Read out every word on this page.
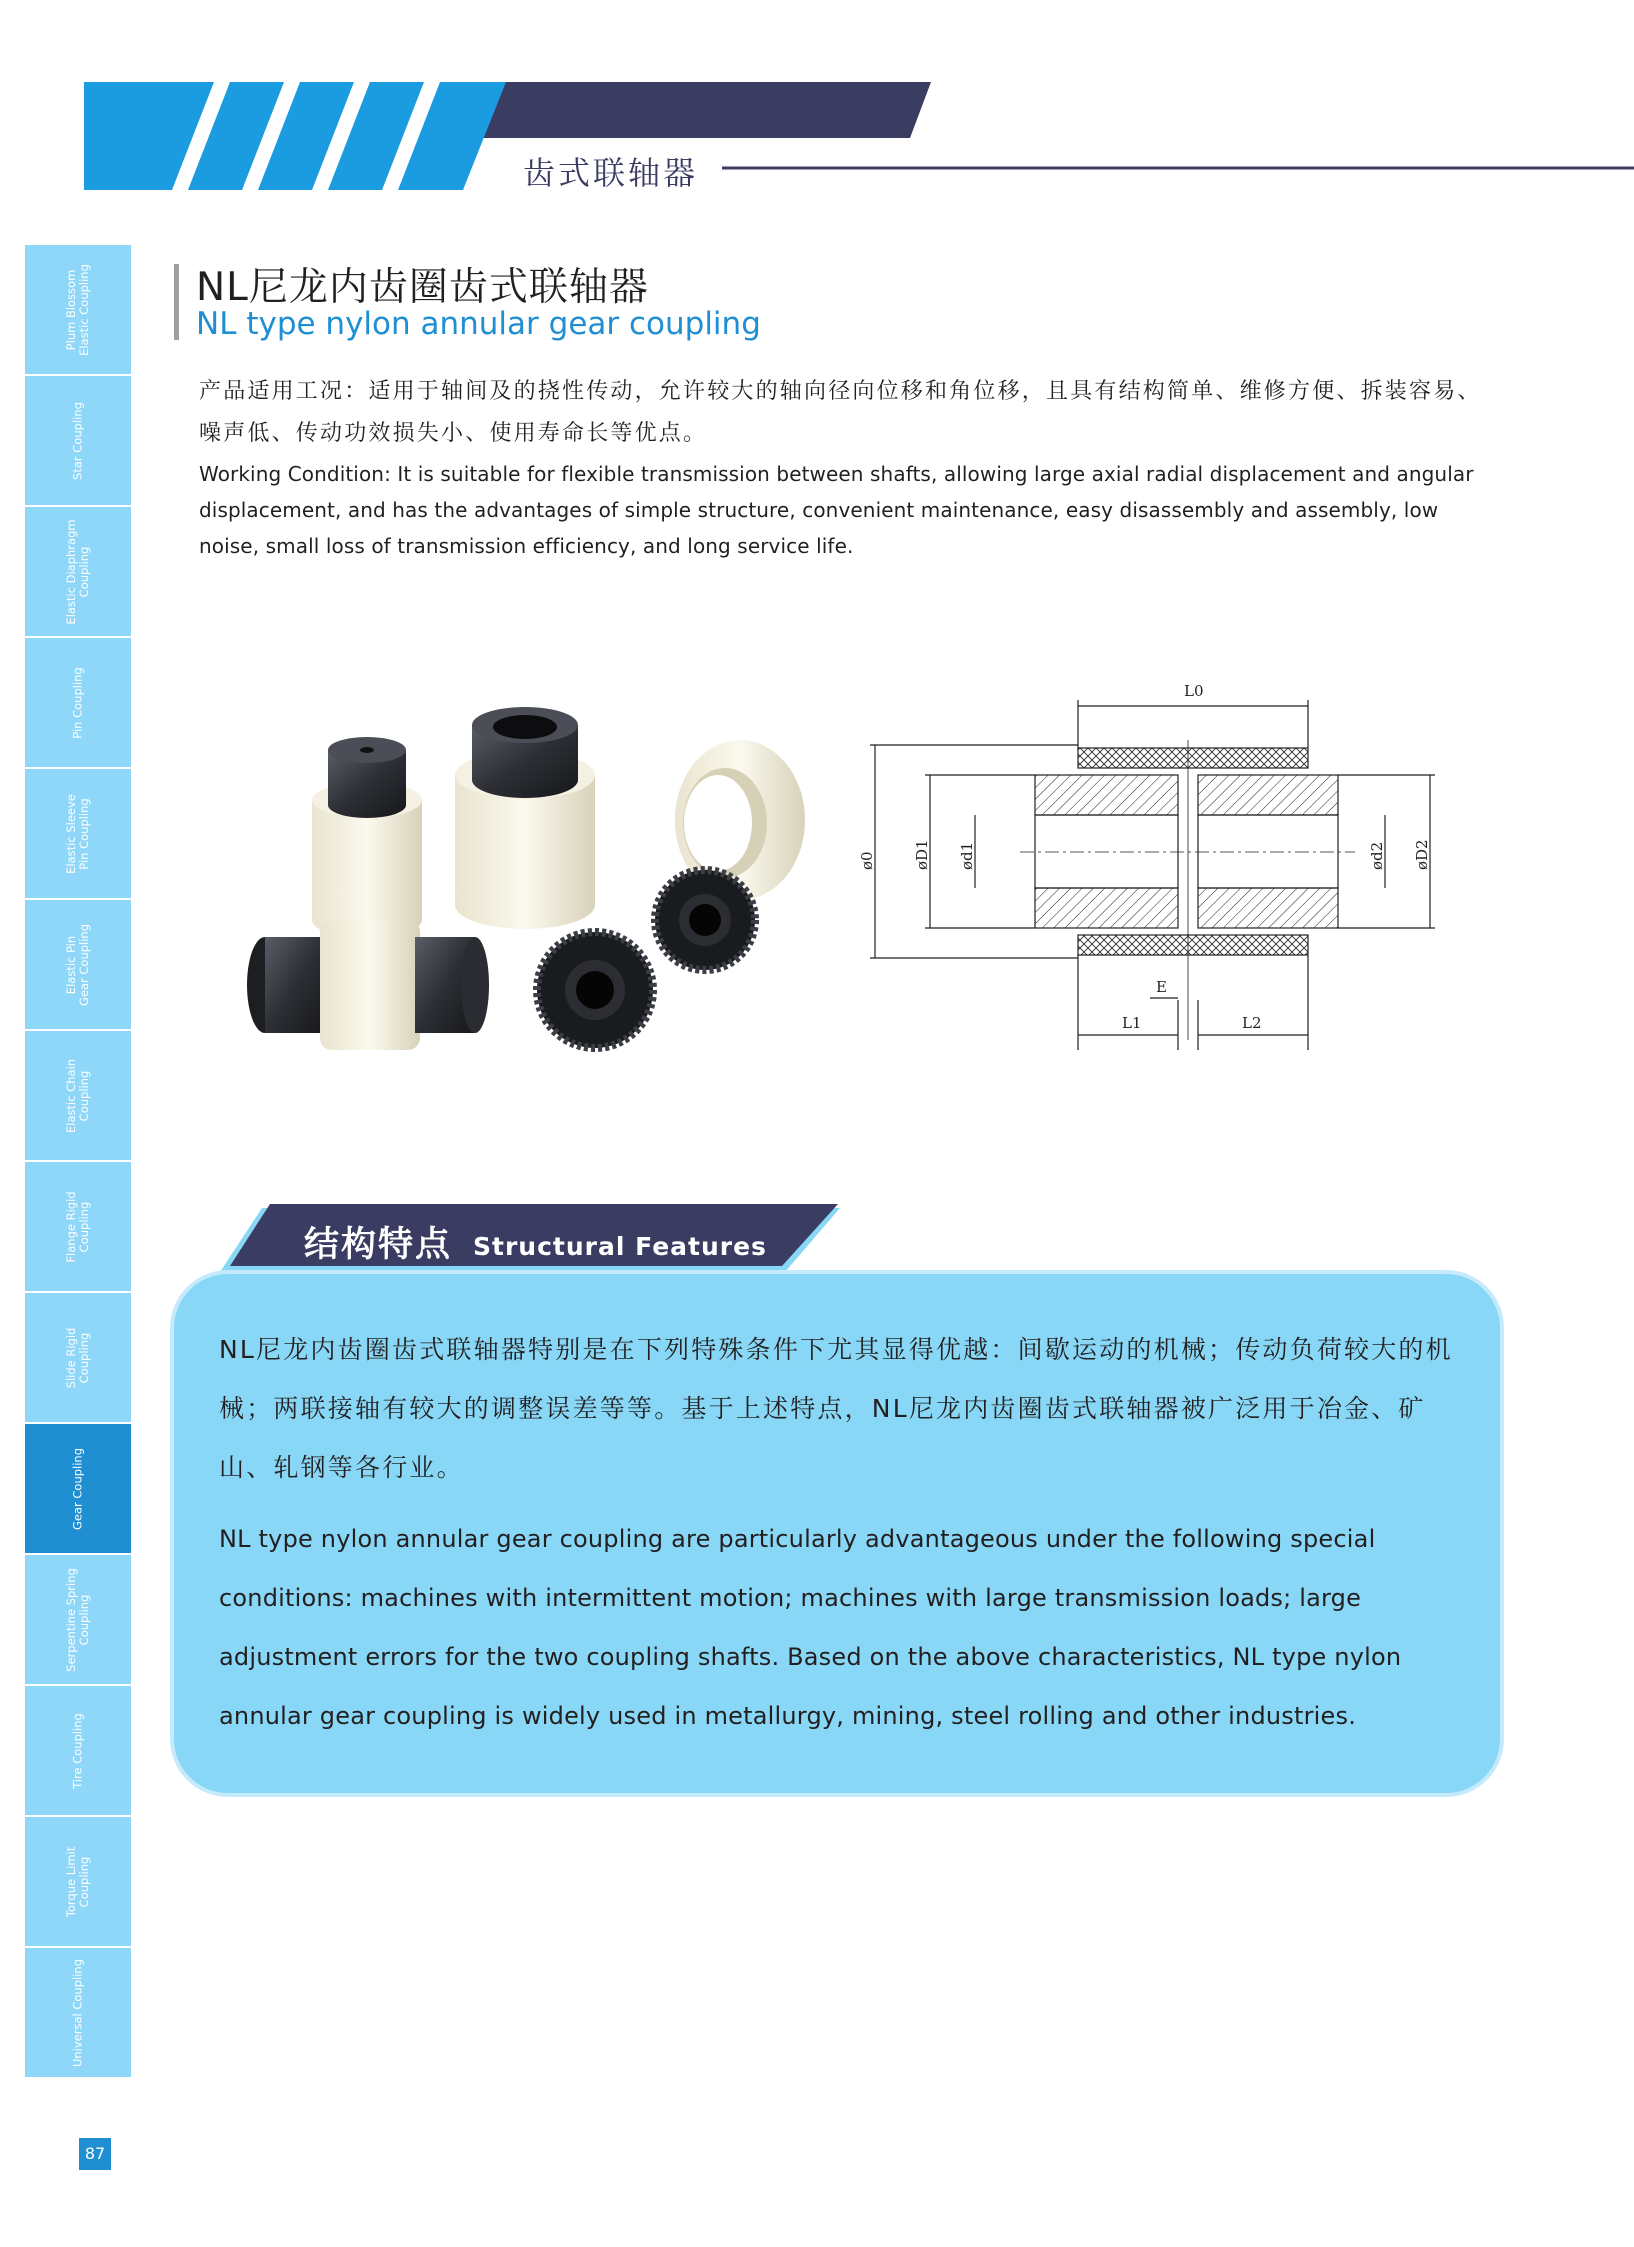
齿式联轴器
Plum Blossom
Elastic Coupling
Star Coupling
Elastic Diaphragm
Coupling
Pin Coupling
Elastic Sleeve
Pin Coupling
Elastic Pin
Gear Coupling
Elastic Chain
Coupling
Flange Rigid
Coupling
Slide Rigid
Coupling
Gear Coupling
Serpentine Spring
Coupling
Tire Coupling
Torque Limit
Coupling
Universal Coupling
87
NL尼龙内齿圈齿式联轴器
NL type nylon annular gear coupling
产品适用工况：适用于轴间及的挠性传动，允许较大的轴向径向位移和角位移，且具有结构简单、维修方便、拆装容易、噪声低、传动功效损失小、使用寿命长等优点。
Working Condition: It is suitable for flexible transmission between shafts, allowing large axial radial displacement and angular displacement, and has the advantages of simple structure, convenient maintenance, easy disassembly and assembly, low noise, small loss of transmission efficiency, and long service life.
L0
L1	L2
E
ø0 øD1 ød1	ød2 øD2
结构特点 Structural Features
NL尼龙内齿圈齿式联轴器特别是在下列特殊条件下尤其显得优越：间歇运动的机械；传动负荷较大的机械；两联接轴有较大的调整误差等等。基于上述特点，NL尼龙内齿圈齿式联轴器被广泛用于冶金、矿山、轧钢等各行业。
NL type nylon annular gear coupling are particularly advantageous under the following special conditions: machines with intermittent motion; machines with large transmission loads; large adjustment errors for the two coupling shafts. Based on the above characteristics, NL type nylon annular gear coupling is widely used in metallurgy, mining, steel rolling and other industries.
